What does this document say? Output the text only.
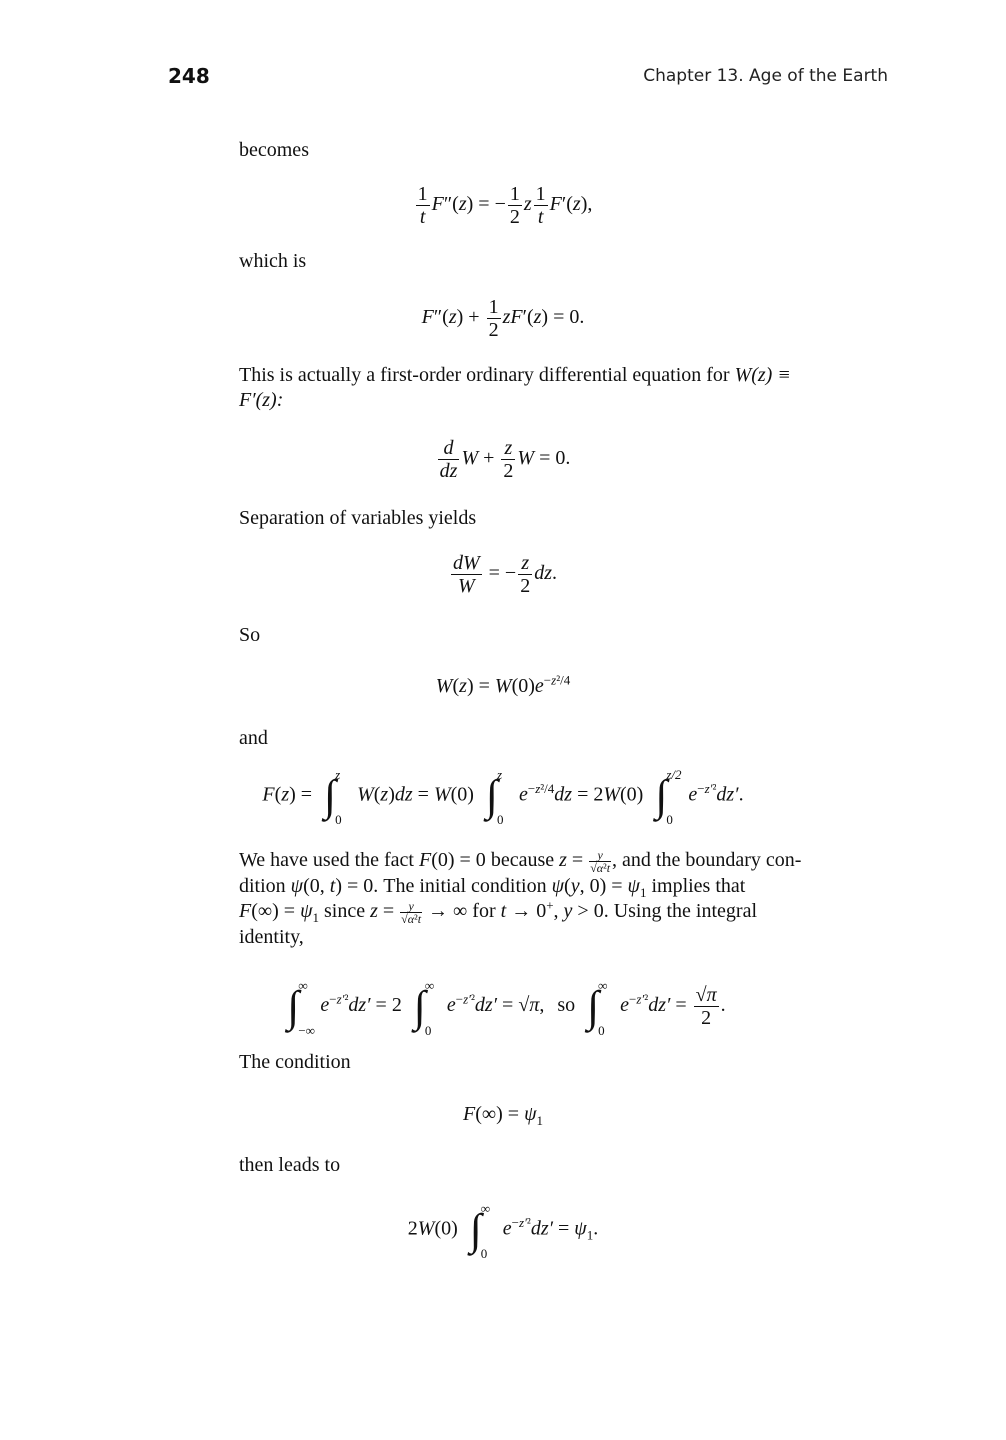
248	Chapter 13. Age of the Earth
becomes
$\frac{1}{t} F''(z)$ = − $\frac{1}{2}$ z $\frac{1}{t} F'(z)$,
which is
$F''(z) + \frac{1}{2} zF'(z) = 0$.
This is actually a first-order ordinary differential equation for W(z) ≡
F′(z):
$\frac{d}{dz}$ $W + \frac{z}{2}$ W = 0.
Separation of variables yields
$\frac{dW}{W}$ = − $\frac{z}{2}$ dz.
So
$W(z) = W(0)e^{-z^2/4}$
and
F(z) = ∫
z
0
W(z)dz = W(0) ∫
z
0
$e^{-z^2/4}dz = 2W(0)$ ∫
z/2
0
$e^{-z'^2}dz'$.
We have used the fact F(0) = 0 because $z = \frac{y}{\text{√α²t}}$ , and the boundary con-
dition ψ(0, t) = 0. The initial condition ψ(y, $0) = \psi_1$ implies that
$F(\infty) = \psi_1$ since $z = \frac{y}{\text{√α²t}}$ → ∞ for t → 0+, y > 0. Using the integral
identity,
∫
∞
−∞
$e^{-z'^2}dz' = 2$ ∫
∞
0
$e^{-z'^2}dz' = √\pi$, so ∫
∞
0
$e^{-z'^2}dz' = \frac{√\pi}{2}$ .
The condition
$F(\infty) = \psi_1$
then leads to
2W(0) ∫
∞
0
$e^{-z'^2}dz' = \psi_1$.
